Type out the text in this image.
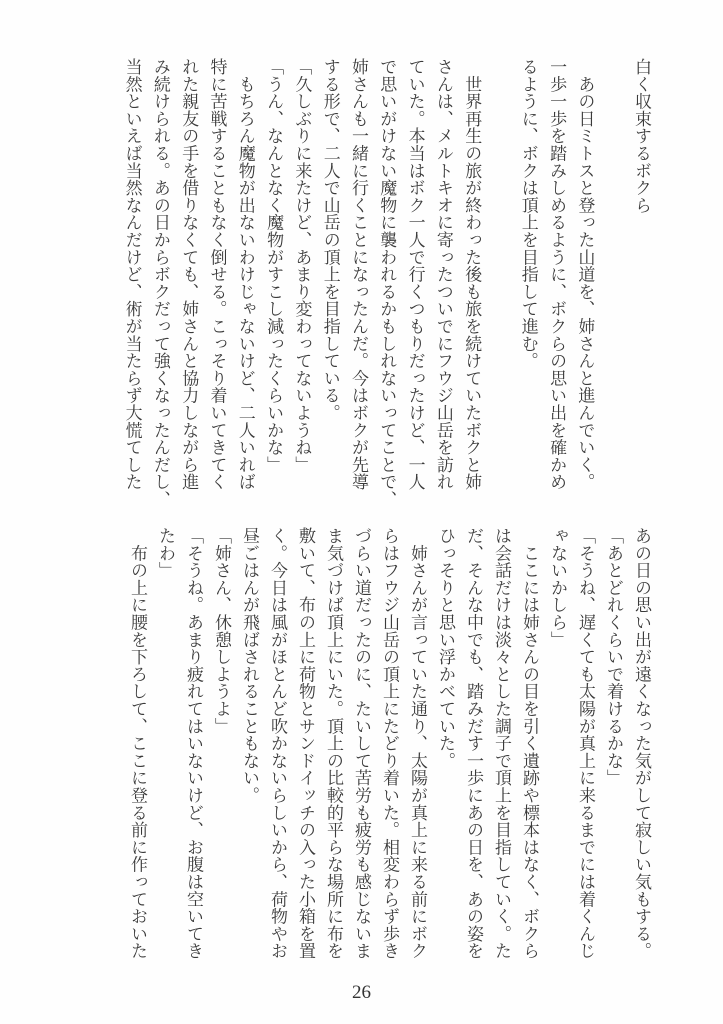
白く収束するボクら
　あの日ミトスと登った山道を、姉さんと進んでいく。
一歩一歩を踏みしめるように、ボクらの思い出を確かめ
るように、ボクは頂上を目指して進む。
　世界再生の旅が終わった後も旅を続けていたボクと姉
さんは、メルトキオに寄ったついでにフウジ山岳を訪れ
ていた。本当はボク一人で行くつもりだったけど、一人
で思いがけない魔物に襲われるかもしれないってことで、
姉さんも一緒に行くことになったんだ。今はボクが先導
する形で、二人で山岳の頂上を目指している。
「久しぶりに来たけど、あまり変わってないようね」
「うん、なんとなく魔物がすこし減ったくらいかな」
　もちろん魔物が出ないわけじゃないけど、二人いれば
特に苦戦することもなく倒せる。こっそり着いてきてく
れた親友の手を借りなくても、姉さんと協力しながら進
み続けられる。あの日からボクだって強くなったんだし、
当然といえば当然なんだけど、術が当たらず大慌てした
あの日の思い出が遠くなった気がして寂しい気もする。
「あとどれくらいで着けるかな」
「そうね、遅くても太陽が真上に来るまでには着くんじ
ゃないかしら」
　ここには姉さんの目を引く遺跡や標本はなく、ボクら
は会話だけは淡々とした調子で頂上を目指していく。た
だ、そんな中でも、踏みだす一歩にあの日を、あの姿を
ひっそりと思い浮かべていた。
　姉さんが言っていた通り、太陽が真上に来る前にボク
らはフウジ山岳の頂上にたどり着いた。相変わらず歩き
づらい道だったのに、たいして苦労も疲労も感じないま
ま気づけば頂上にいた。頂上の比較的平らな場所に布を
敷いて、布の上に荷物とサンドイッチの入った小箱を置
く。今日は風がほとんど吹かないらしいから、荷物やお
昼ごはんが飛ばされることもない。
「姉さん、休憩しようよ」
「そうね。あまり疲れてはいないけど、お腹は空いてき
たわ」
　布の上に腰を下ろして、ここに登る前に作っておいた
26
